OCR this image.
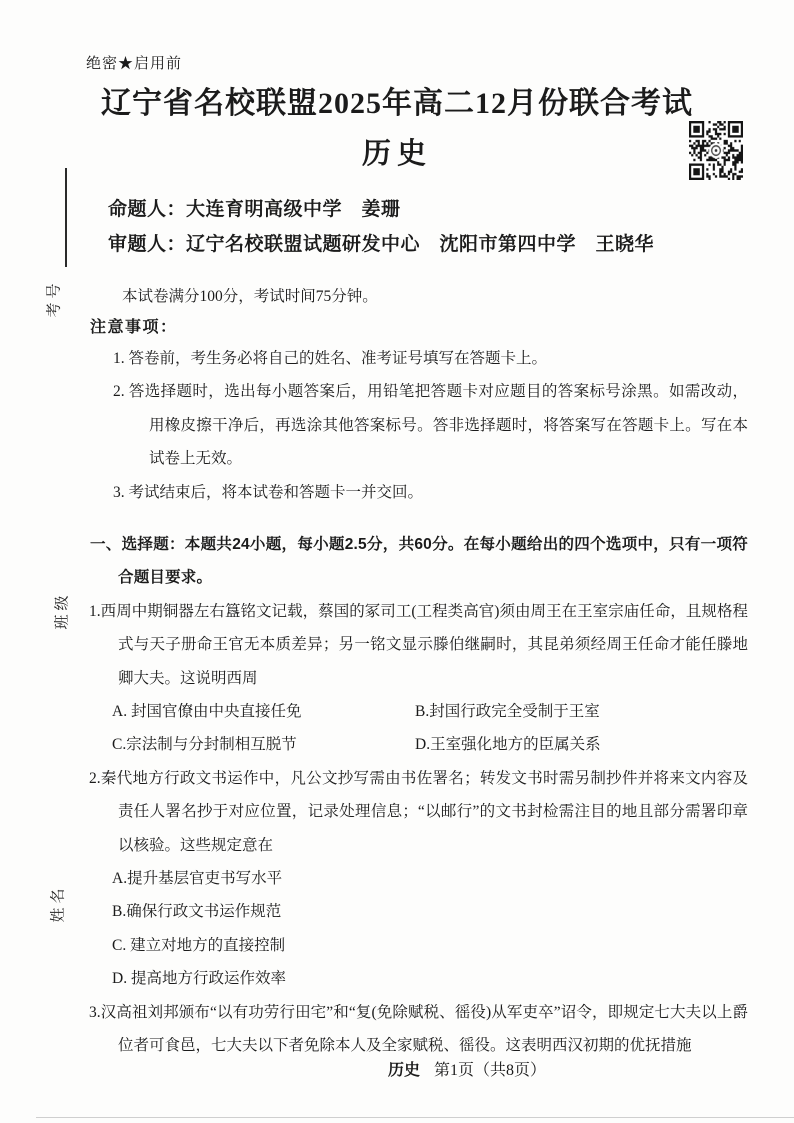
考号
班级
姓名
绝密★启用前
辽宁省名校联盟2025年高二12月份联合考试
历史
命题人：大连育明高级中学　姜珊
审题人：辽宁名校联盟试题研发中心　沈阳市第四中学　王晓华
本试卷满分100分，考试时间75分钟。
注意事项：
1. 答卷前，考生务必将自己的姓名、准考证号填写在答题卡上。
2. 答选择题时，选出每小题答案后，用铅笔把答题卡对应题目的答案标号涂黑。如需改动，用橡皮擦干净后，再选涂其他答案标号。答非选择题时，将答案写在答题卡上。写在本试卷上无效。
3. 考试结束后，将本试卷和答题卡一并交回。
一、选择题：本题共24小题，每小题2.5分，共60分。在每小题给出的四个选项中，只有一项符合题目要求。
1.西周中期铜器左右簋铭文记载，蔡国的冢司工(工程类高官)须由周王在王室宗庙任命，且规格程式与天子册命王官无本质差异；另一铭文显示滕伯继嗣时，其昆弟须经周王任命才能任滕地卿大夫。这说明西周
A. 封国官僚由中央直接任免	B.封国行政完全受制于王室
C.宗法制与分封制相互脱节	D.王室强化地方的臣属关系
2.秦代地方行政文书运作中，凡公文抄写需由书佐署名；转发文书时需另制抄件并将来文内容及责任人署名抄于对应位置，记录处理信息；“以邮行”的文书封检需注目的地且部分需署印章以核验。这些规定意在
A.提升基层官吏书写水平
B.确保行政文书运作规范
C. 建立对地方的直接控制
D. 提高地方行政运作效率
3.汉高祖刘邦颁布“以有功劳行田宅”和“复(免除赋税、徭役)从军吏卒”诏令，即规定七大夫以上爵位者可食邑，七大夫以下者免除本人及全家赋税、徭役。这表明西汉初期的优抚措施
历史 第1页（共8页）
